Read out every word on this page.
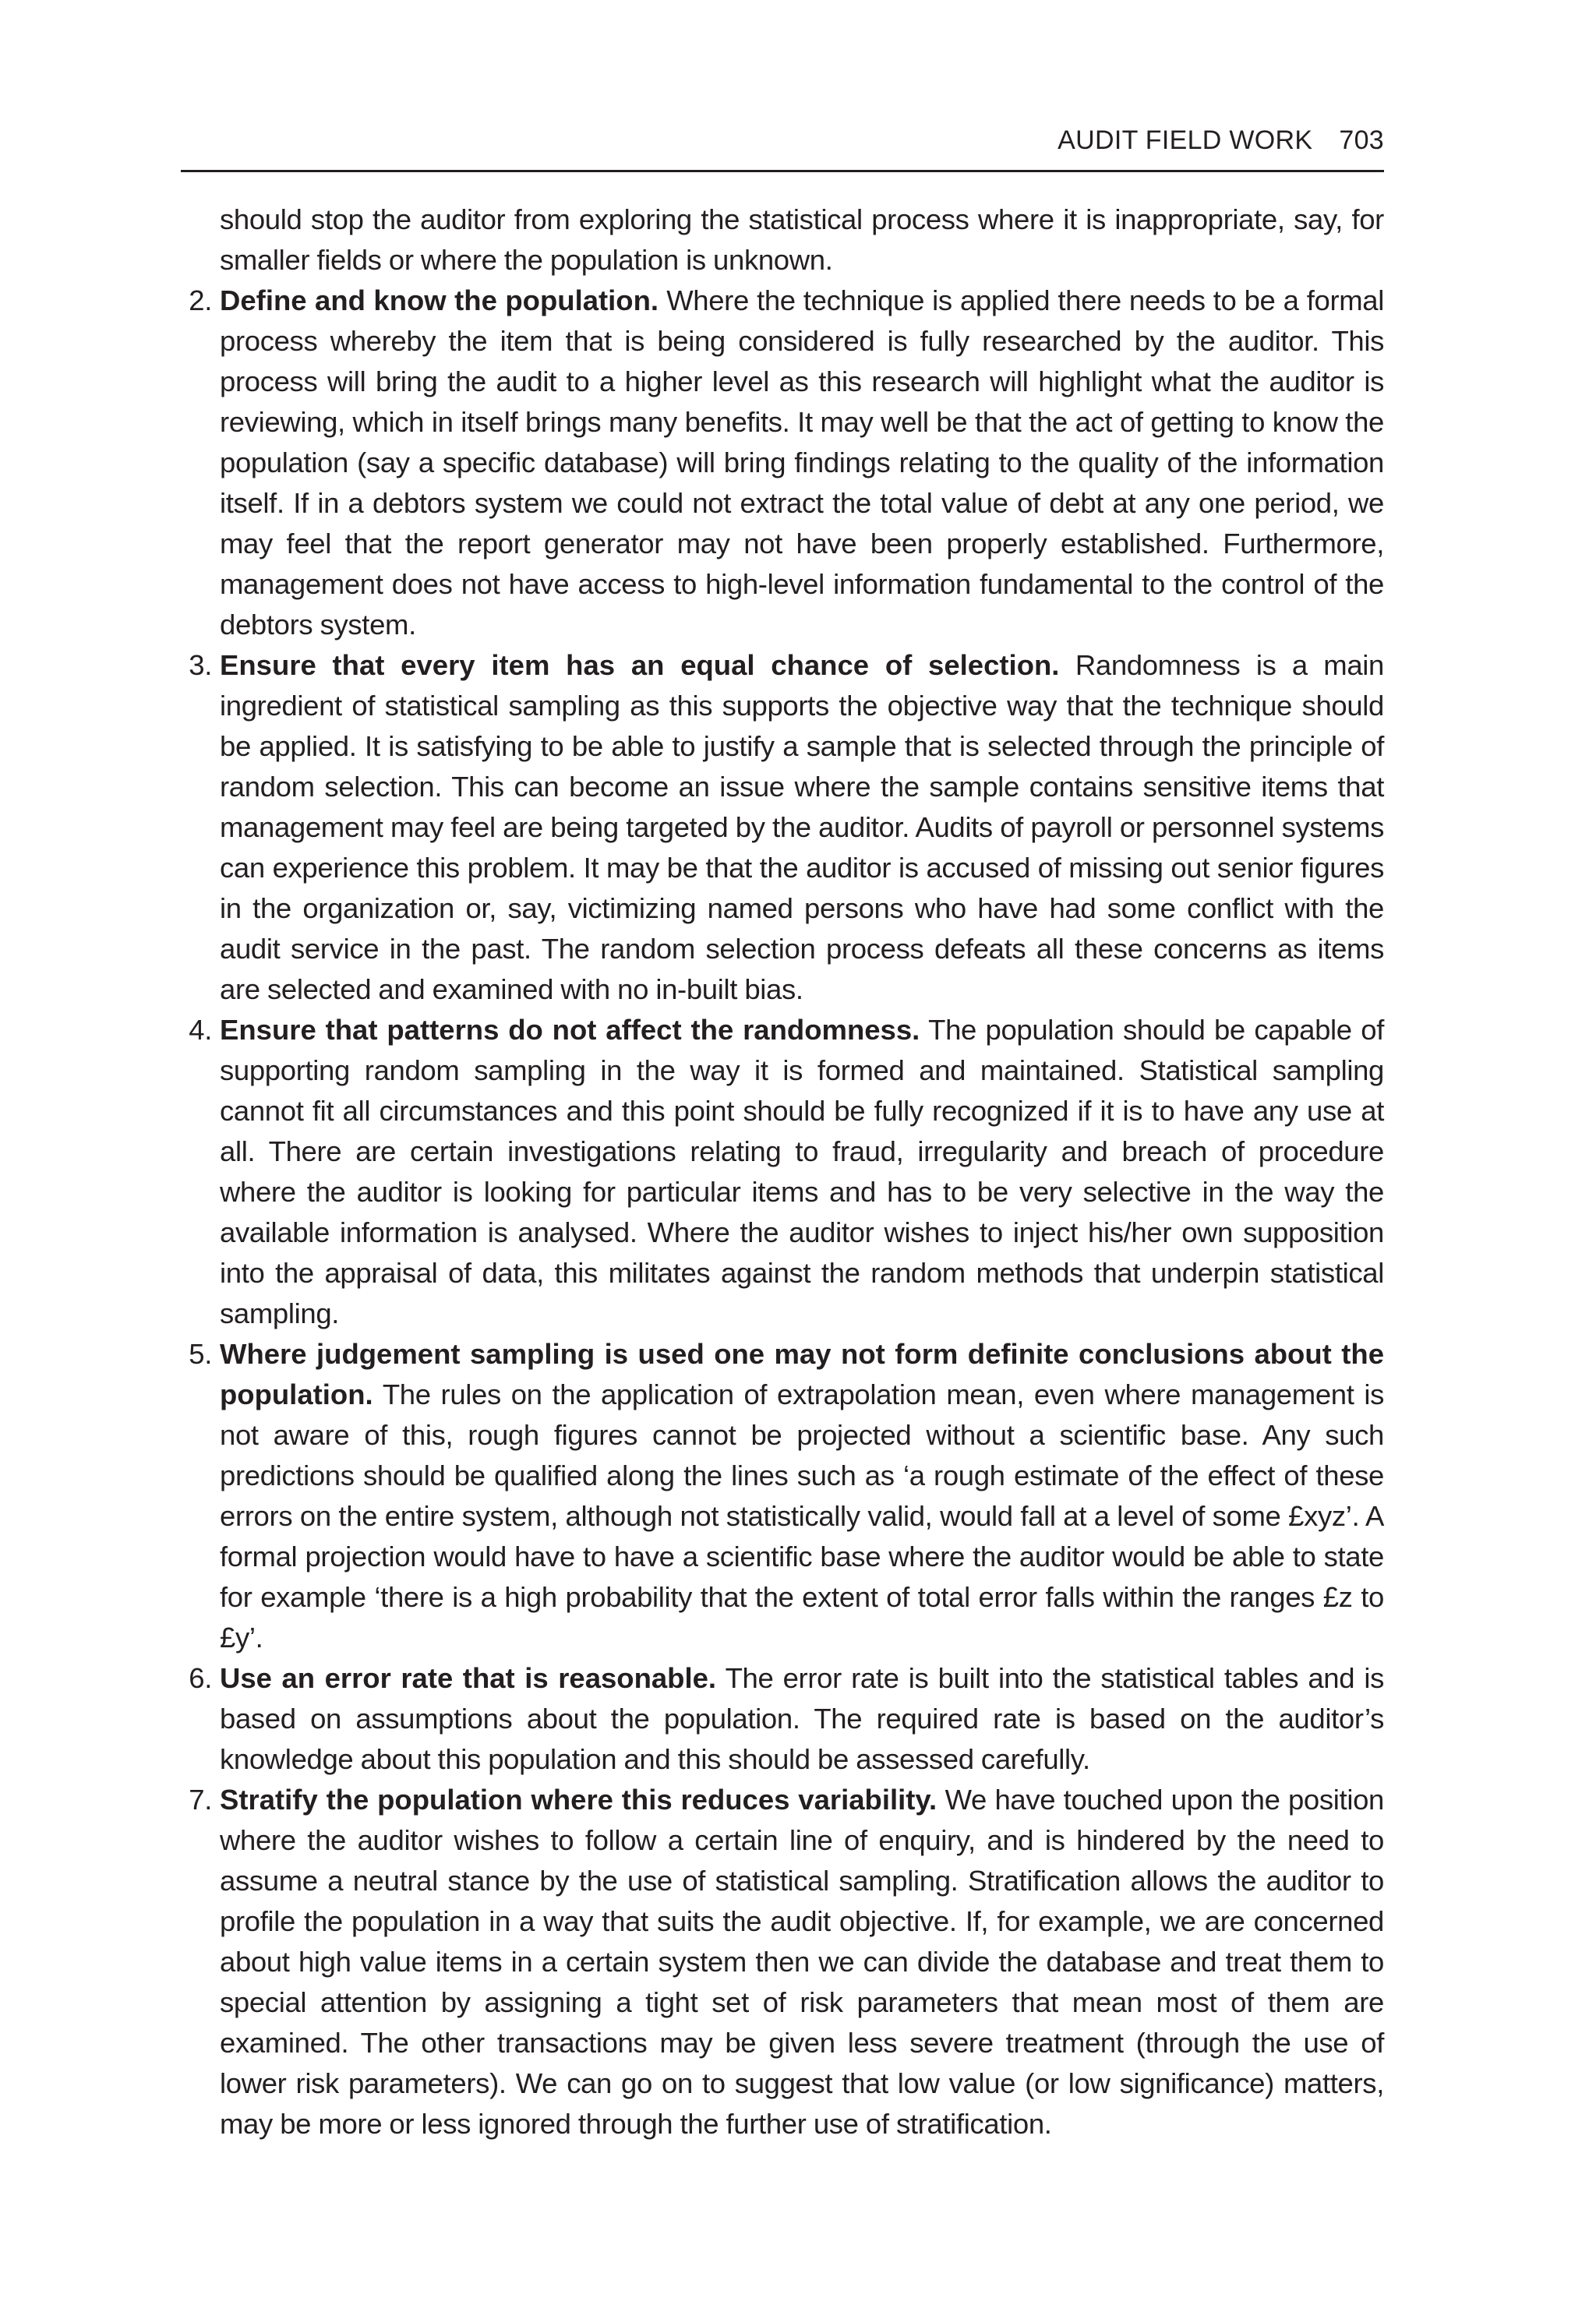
AUDIT FIELD WORK 703

should stop the auditor from exploring the statistical process where it is inappropriate, say, for smaller fields or where the population is unknown.

2. Define and know the population. Where the technique is applied there needs to be a formal process whereby the item that is being considered is fully researched by the auditor. This process will bring the audit to a higher level as this research will highlight what the auditor is reviewing, which in itself brings many benefits. It may well be that the act of getting to know the population (say a specific database) will bring findings relating to the quality of the information itself. If in a debtors system we could not extract the total value of debt at any one period, we may feel that the report generator may not have been properly established. Furthermore, management does not have access to high-level information fundamental to the control of the debtors system.
3. Ensure that every item has an equal chance of selection. Randomness is a main ingredient of statistical sampling as this supports the objective way that the technique should be applied. It is satisfying to be able to justify a sample that is selected through the principle of random selection. This can become an issue where the sample contains sensitive items that management may feel are being targeted by the auditor. Audits of payroll or personnel systems can experience this problem. It may be that the auditor is accused of missing out senior figures in the organization or, say, victimizing named persons who have had some conflict with the audit service in the past. The random selection process defeats all these concerns as items are selected and examined with no in-built bias.
4. Ensure that patterns do not affect the randomness. The population should be capable of supporting random sampling in the way it is formed and maintained. Statistical sampling cannot fit all circumstances and this point should be fully recognized if it is to have any use at all. There are certain investigations relating to fraud, irregularity and breach of procedure where the auditor is looking for particular items and has to be very selective in the way the available information is analysed. Where the auditor wishes to inject his/her own supposition into the appraisal of data, this militates against the random methods that underpin statistical sampling.
5. Where judgement sampling is used one may not form definite conclusions about the population. The rules on the application of extrapolation mean, even where management is not aware of this, rough figures cannot be projected without a scientific base. Any such predictions should be qualified along the lines such as ‘a rough estimate of the effect of these errors on the entire system, although not statistically valid, would fall at a level of some £xyz’. A formal projection would have to have a scientific base where the auditor would be able to state for example ‘there is a high probability that the extent of total error falls within the ranges £z to £y’.
6. Use an error rate that is reasonable. The error rate is built into the statistical tables and is based on assumptions about the population. The required rate is based on the auditor’s knowledge about this population and this should be assessed carefully.
7. Stratify the population where this reduces variability. We have touched upon the position where the auditor wishes to follow a certain line of enquiry, and is hindered by the need to assume a neutral stance by the use of statistical sampling. Stratification allows the auditor to profile the population in a way that suits the audit objective. If, for example, we are concerned about high value items in a certain system then we can divide the database and treat them to special attention by assigning a tight set of risk parameters that mean most of them are examined. The other transactions may be given less severe treatment (through the use of lower risk parameters). We can go on to suggest that low value (or low significance) matters, may be more or less ignored through the further use of stratification.
